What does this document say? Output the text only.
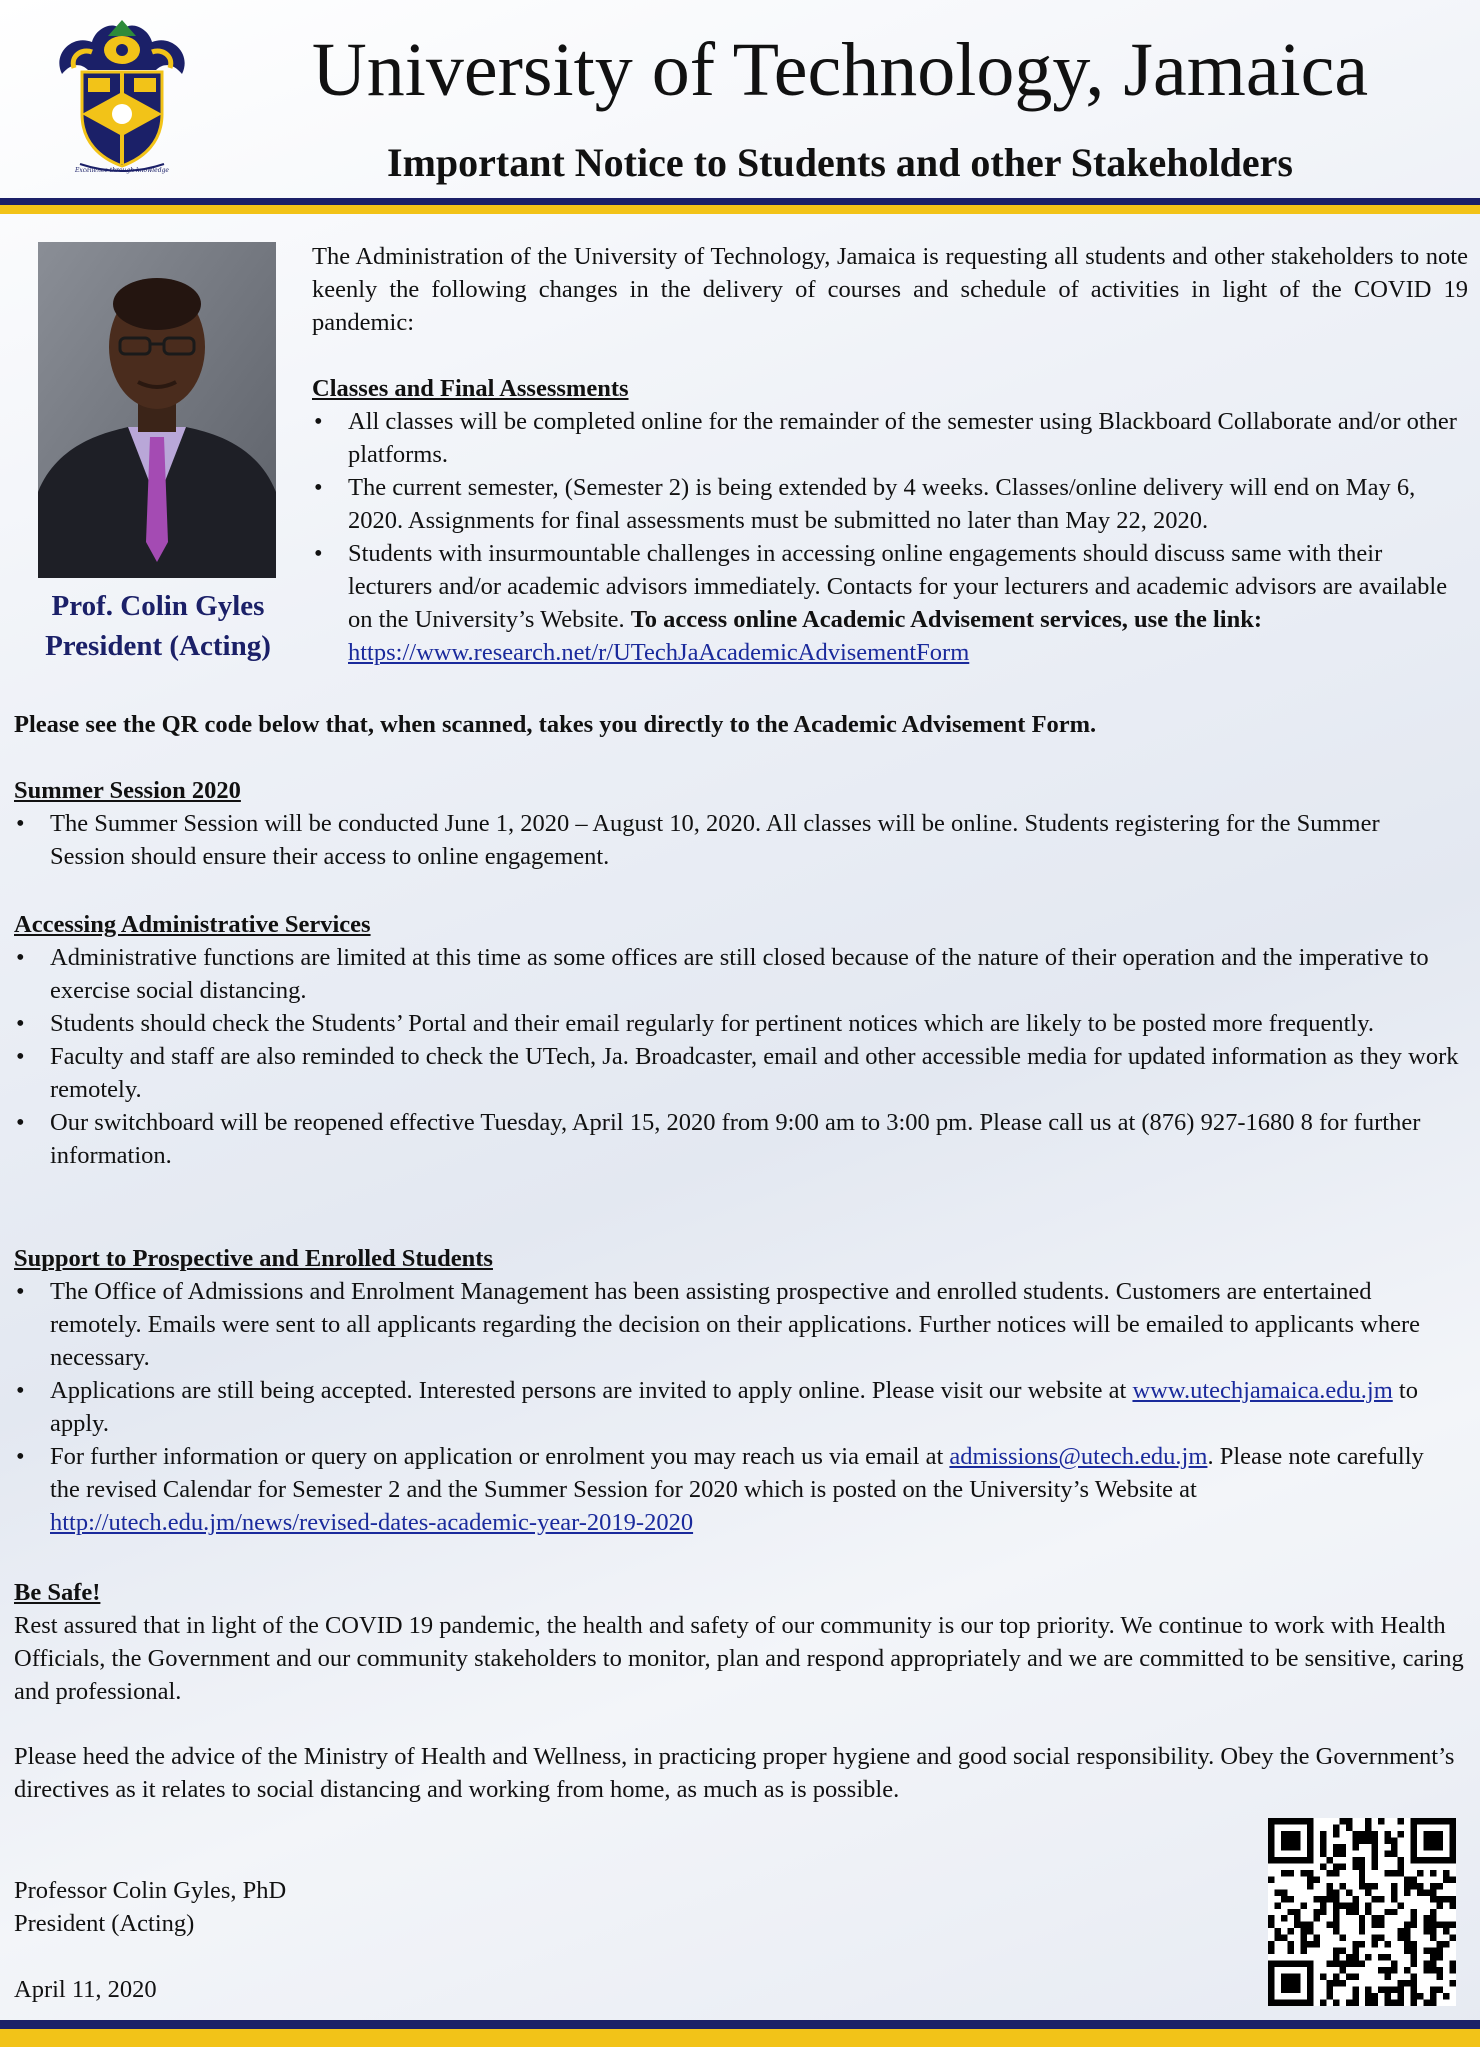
Excellence through knowledge
University of Technology, Jamaica
Important Notice to Students and other Stakeholders
Prof. Colin Gyles
President (Acting)
The Administration of the University of Technology, Jamaica is requesting all students and other stakeholders to note keenly the following changes in the delivery of courses and schedule of activities in light of the COVID 19 pandemic:
Classes and Final Assessments
• All classes will be completed online for the remainder of the semester using Blackboard Collaborate and/or other platforms.
• The current semester, (Semester 2) is being extended by 4 weeks. Classes/online delivery will end on May 6, 2020. Assignments for final assessments must be submitted no later than May 22, 2020.
• Students with insurmountable challenges in accessing online engagements should discuss same with their lecturers and/or academic advisors immediately. Contacts for your lecturers and academic advisors are available on the University’s Website. To access online Academic Advisement services, use the link:    https://www.research.net/r/UTechJaAcademicAdvisementForm
Please see the QR code below that, when scanned, takes you directly to the Academic Advisement Form.
Summer Session 2020
• The Summer Session will be conducted June 1, 2020 – August 10, 2020. All classes will be online. Students registering for the Summer Session should ensure their access to online engagement.
Accessing Administrative Services
• Administrative functions are limited at this time as some offices are still closed because of the nature of their operation and the imperative to exercise social distancing.
• Students should check the Students’ Portal and their email regularly for pertinent notices which are likely to be posted more frequently.
• Faculty and staff are also reminded to check the UTech, Ja. Broadcaster, email and other accessible media for updated information as they work remotely.
• Our switchboard will be reopened effective Tuesday, April 15, 2020 from 9:00 am to 3:00 pm. Please call us at (876) 927-1680 8 for further information.
Support to Prospective and Enrolled Students
• The Office of Admissions and Enrolment Management has been assisting prospective and enrolled students. Customers are entertained remotely. Emails were sent to all applicants regarding the decision on their applications. Further notices will be emailed to applicants where necessary.
• Applications are still being accepted. Interested persons are invited to apply online. Please visit our website at www.utechjamaica.edu.jm to apply.
• For further information or query on application or enrolment you may reach us via email at admissions@utech.edu.jm. Please note carefully the revised Calendar for Semester 2 and the Summer Session for 2020 which is posted on the University’s Website at http://utech.edu.jm/news/revised-dates-academic-year-2019-2020
Be Safe!
Rest assured that in light of the COVID 19 pandemic, the health and safety of our community is our top priority. We continue to work with Health Officials, the Government and our community stakeholders to monitor, plan and respond appropriately and we are committed to be sensitive, caring and professional.
Please heed the advice of the Ministry of Health and Wellness, in practicing proper hygiene and good social responsibility. Obey the Government’s directives as it relates to social distancing and working from home, as much as is possible.
Professor Colin Gyles, PhD
President (Acting)
April 11, 2020
